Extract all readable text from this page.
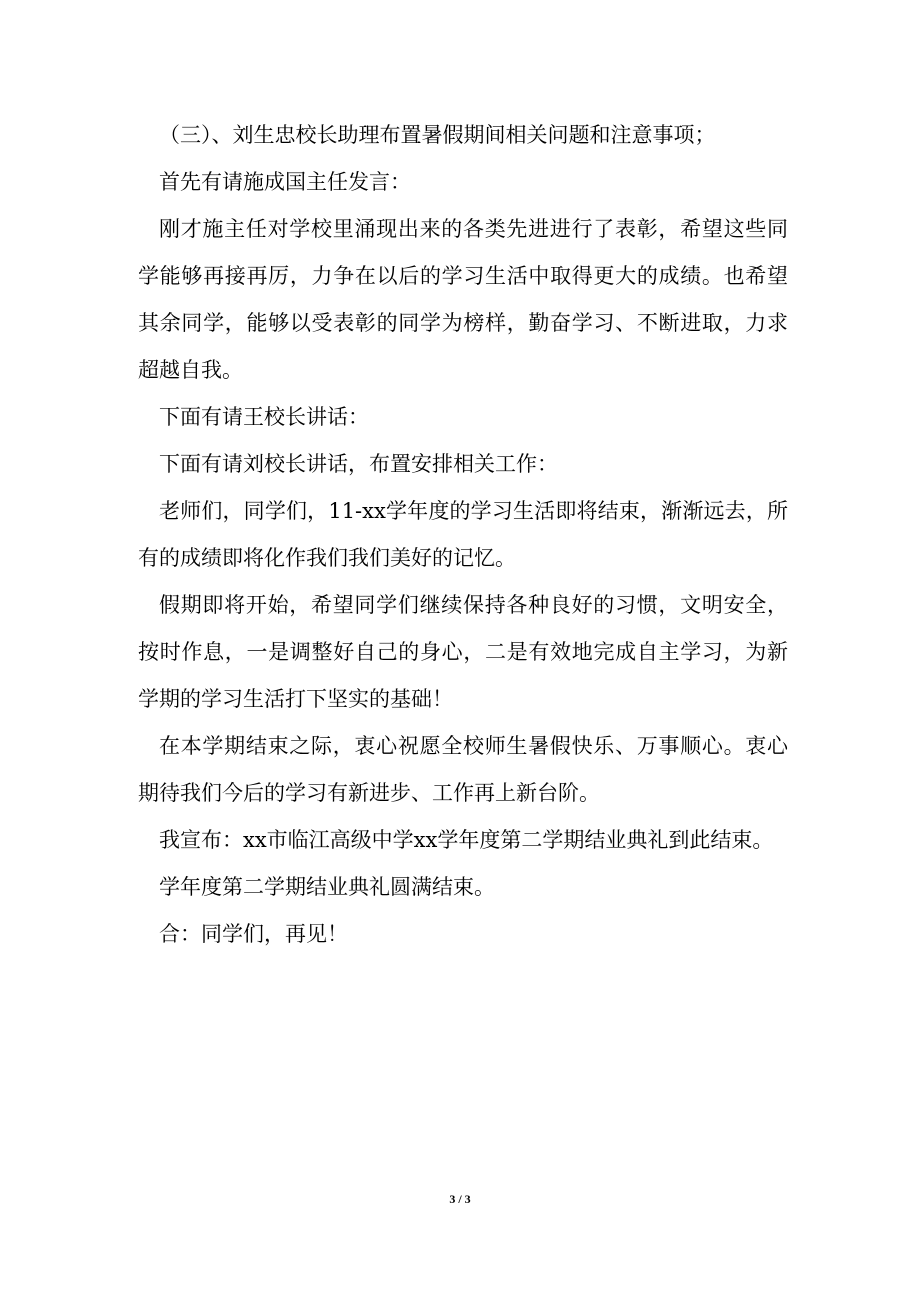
（三）、刘生忠校长助理布置暑假期间相关问题和注意事项；

首先有请施成国主任发言：

刚才施主任对学校里涌现出来的各类先进进行了表彰，希望这些同学能够再接再厉，力争在以后的学习生活中取得更大的成绩。也希望其余同学，能够以受表彰的同学为榜样，勤奋学习、不断进取，力求超越自我。

下面有请王校长讲话：

下面有请刘校长讲话，布置安排相关工作：

老师们，同学们，11-xx学年度的学习生活即将结束，渐渐远去，所有的成绩即将化作我们我们美好的记忆。

假期即将开始，希望同学们继续保持各种良好的习惯，文明安全，按时作息，一是调整好自己的身心，二是有效地完成自主学习，为新学期的学习生活打下坚实的基础！

在本学期结束之际，衷心祝愿全校师生暑假快乐、万事顺心。衷心期待我们今后的学习有新进步、工作再上新台阶。

我宣布：xx市临江高级中学xx学年度第二学期结业典礼到此结束。

学年度第二学期结业典礼圆满结束。

合：同学们，再见！

3 / 3
